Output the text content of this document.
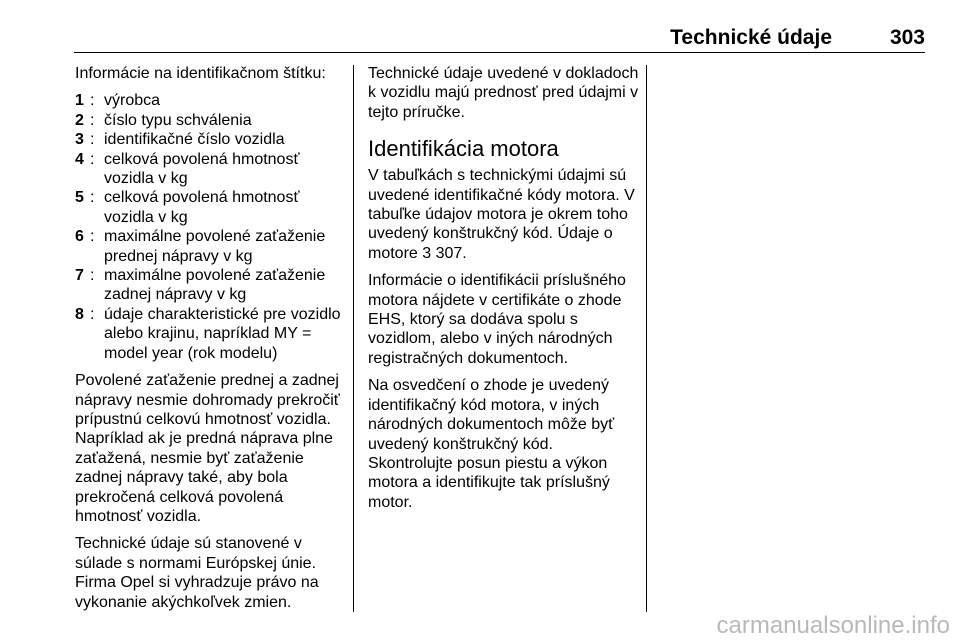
Technické údaje	303

Informácie na identifikačnom štítku:

1 : výrobca
2 : číslo typu schválenia
3 : identifikačné číslo vozidla
4 : celková povolená hmotnosť vozidla v kg
5 : celková povolená hmotnosť vozidla v kg
6 : maximálne povolené zaťaženie prednej nápravy v kg
7 : maximálne povolené zaťaženie zadnej nápravy v kg
8 : údaje charakteristické pre vozidlo alebo krajinu, napríklad MY = model year (rok modelu)

Povolené zaťaženie prednej a zadnej nápravy nesmie dohromady prekročiť prípustnú celkovú hmotnosť vozidla. Napríklad ak je predná náprava plne zaťažená, nesmie byť zaťaženie zadnej nápravy také, aby bola prekročená celková povolená hmotnosť vozidla.

Technické údaje sú stanovené v súlade s normami Európskej únie. Firma Opel si vyhradzuje právo na vykonanie akýchkoľvek zmien.

Technické údaje uvedené v dokladoch k vozidlu majú prednosť pred údajmi v tejto príručke.

Identifikácia motora

V tabuľkách s technickými údajmi sú uvedené identifikačné kódy motora. V tabuľke údajov motora je okrem toho uvedený konštrukčný kód. Údaje o motore 3 307.

Informácie o identifikácii príslušného motora nájdete v certifikáte o zhode EHS, ktorý sa dodáva spolu s vozidlom, alebo v iných národných registračných dokumentoch.

Na osvedčení o zhode je uvedený identifikačný kód motora, v iných národných dokumentoch môže byť uvedený konštrukčný kód. Skontrolujte posun piestu a výkon motora a identifikujte tak príslušný motor.

carmanualsonline.info
